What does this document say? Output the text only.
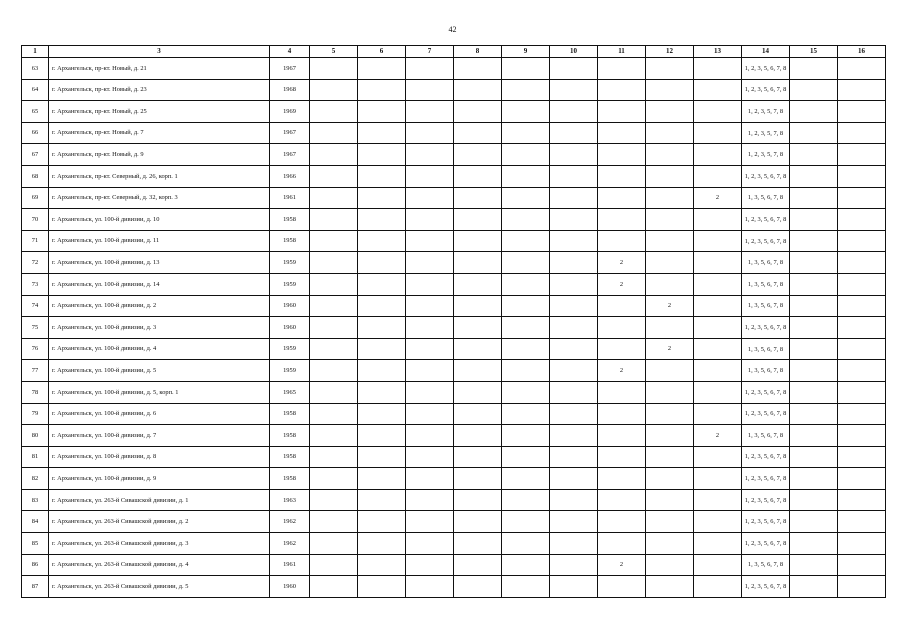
42
1	3	4	5	6	7	8	9	10	11	12	13	14	15	16
63	г. Архангельск, пр-кт. Новый, д. 21	1967										1, 2, 3, 5, 6, 7, 8		
64	г. Архангельск, пр-кт. Новый, д. 23	1968										1, 2, 3, 5, 6, 7, 8		
65	г. Архангельск, пр-кт. Новый, д. 25	1969										1, 2, 3, 5, 7, 8		
66	г. Архангельск, пр-кт. Новый, д. 7	1967										1, 2, 3, 5, 7, 8		
67	г. Архангельск, пр-кт. Новый, д. 9	1967										1, 2, 3, 5, 7, 8		
68	г. Архангельск, пр-кт. Северный, д. 26, корп. 1	1966										1, 2, 3, 5, 6, 7, 8		
69	г. Архангельск, пр-кт. Северный, д. 32, корп. 3	1961									2	1, 3, 5, 6, 7, 8		
70	г. Архангельск, ул. 100-й дивизии, д. 10	1958										1, 2, 3, 5, 6, 7, 8		
71	г. Архангельск, ул. 100-й дивизии, д. 11	1958										1, 2, 3, 5, 6, 7, 8		
72	г. Архангельск, ул. 100-й дивизии, д. 13	1959							2			1, 3, 5, 6, 7, 8		
73	г. Архангельск, ул. 100-й дивизии, д. 14	1959							2			1, 3, 5, 6, 7, 8		
74	г. Архангельск, ул. 100-й дивизии, д. 2	1960								2		1, 3, 5, 6, 7, 8		
75	г. Архангельск, ул. 100-й дивизии, д. 3	1960										1, 2, 3, 5, 6, 7, 8		
76	г. Архангельск, ул. 100-й дивизии, д. 4	1959								2		1, 3, 5, 6, 7, 8		
77	г. Архангельск, ул. 100-й дивизии, д. 5	1959							2			1, 3, 5, 6, 7, 8		
78	г. Архангельск, ул. 100-й дивизии, д. 5, корп. 1	1965										1, 2, 3, 5, 6, 7, 8		
79	г. Архангельск, ул. 100-й дивизии, д. 6	1958										1, 2, 3, 5, 6, 7, 8		
80	г. Архангельск, ул. 100-й дивизии, д. 7	1958									2	1, 3, 5, 6, 7, 8		
81	г. Архангельск, ул. 100-й дивизии, д. 8	1958										1, 2, 3, 5, 6, 7, 8		
82	г. Архангельск, ул. 100-й дивизии, д. 9	1958										1, 2, 3, 5, 6, 7, 8		
83	г. Архангельск, ул. 263-й Сивашской дивизии, д. 1	1963										1, 2, 3, 5, 6, 7, 8		
84	г. Архангельск, ул. 263-й Сивашской дивизии, д. 2	1962										1, 2, 3, 5, 6, 7, 8		
85	г. Архангельск, ул. 263-й Сивашской дивизии, д. 3	1962										1, 2, 3, 5, 6, 7, 8		
86	г. Архангельск, ул. 263-й Сивашской дивизии, д. 4	1961							2			1, 3, 5, 6, 7, 8		
87	г. Архангельск, ул. 263-й Сивашской дивизии, д. 5	1960										1, 2, 3, 5, 6, 7, 8		
